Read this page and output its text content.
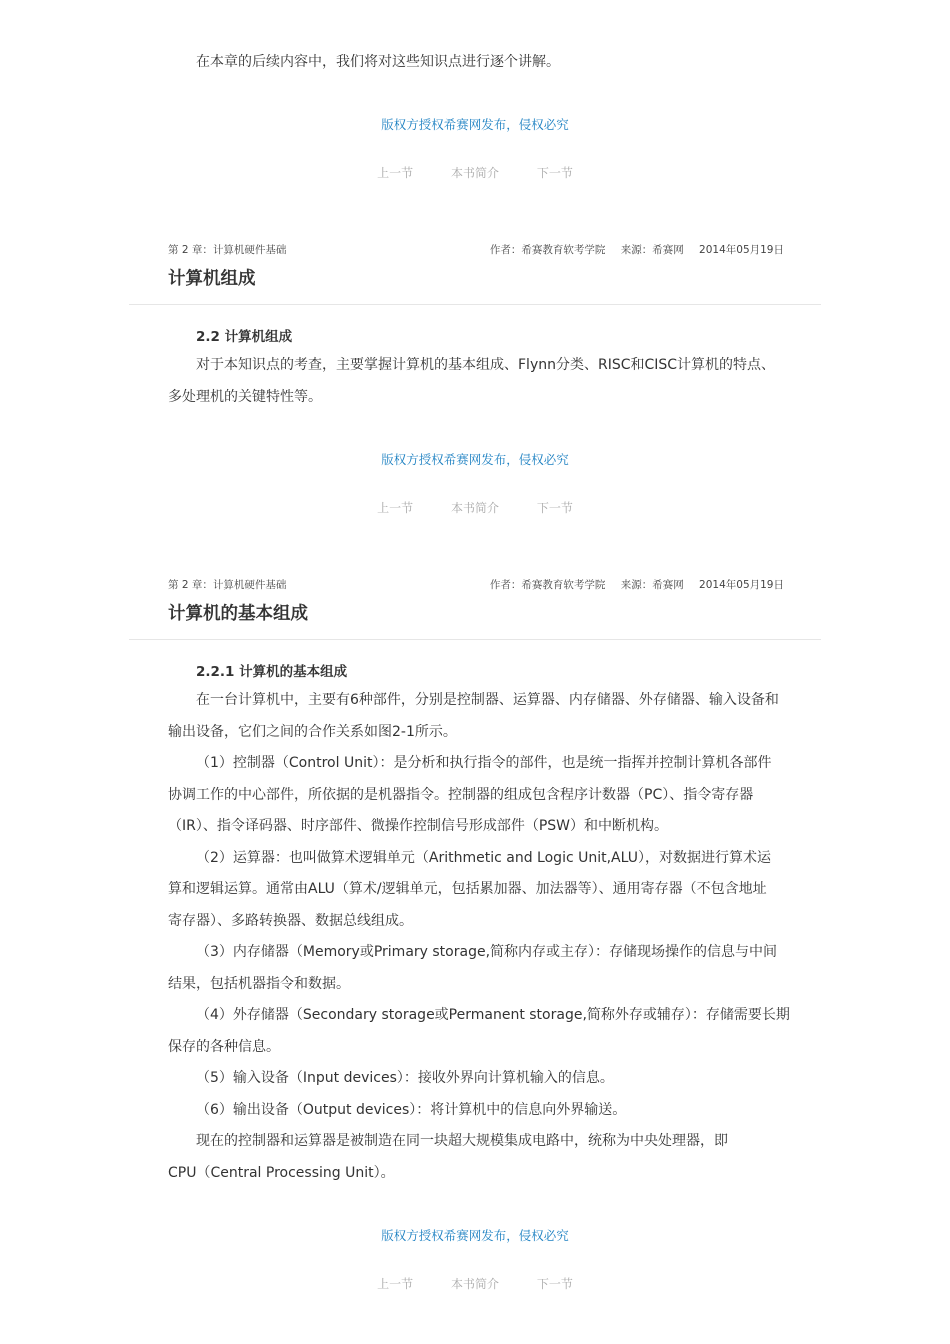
在本章的后续内容中，我们将对这些知识点进行逐个讲解。
版权方授权希赛网发布，侵权必究
上一节	本书简介	下一节
第 2 章：计算机硬件基础	作者：希赛教育软考学院 来源：希赛网 2014年05月19日
计算机组成
2.2 计算机组成
对于本知识点的考查，主要掌握计算机的基本组成、Flynn分类、RISC和CISC计算机的特点、
多处理机的关键特性等。
版权方授权希赛网发布，侵权必究
上一节	本书简介	下一节
第 2 章：计算机硬件基础	作者：希赛教育软考学院 来源：希赛网 2014年05月19日
计算机的基本组成
2.2.1 计算机的基本组成
在一台计算机中，主要有6种部件，分别是控制器、运算器、内存储器、外存储器、输入设备和
输出设备，它们之间的合作关系如图2-1所示。
（1）控制器（Control Unit）：是分析和执行指令的部件，也是统一指挥并控制计算机各部件
协调工作的中心部件，所依据的是机器指令。控制器的组成包含程序计数器（PC）、指令寄存器
（IR）、指令译码器、时序部件、微操作控制信号形成部件（PSW）和中断机构。
（2）运算器：也叫做算术逻辑单元（Arithmetic and Logic Unit,ALU），对数据进行算术运
算和逻辑运算。通常由ALU（算术/逻辑单元，包括累加器、加法器等）、通用寄存器（不包含地址
寄存器）、多路转换器、数据总线组成。
（3）内存储器（Memory或Primary storage,简称内存或主存）：存储现场操作的信息与中间
结果，包括机器指令和数据。
（4）外存储器（Secondary storage或Permanent storage,简称外存或辅存）：存储需要长期
保存的各种信息。
（5）输入设备（Input devices）：接收外界向计算机输入的信息。
（6）输出设备（Output devices）：将计算机中的信息向外界输送。
现在的控制器和运算器是被制造在同一块超大规模集成电路中，统称为中央处理器，即
CPU（Central Processing Unit）。
版权方授权希赛网发布，侵权必究
上一节	本书简介	下一节
